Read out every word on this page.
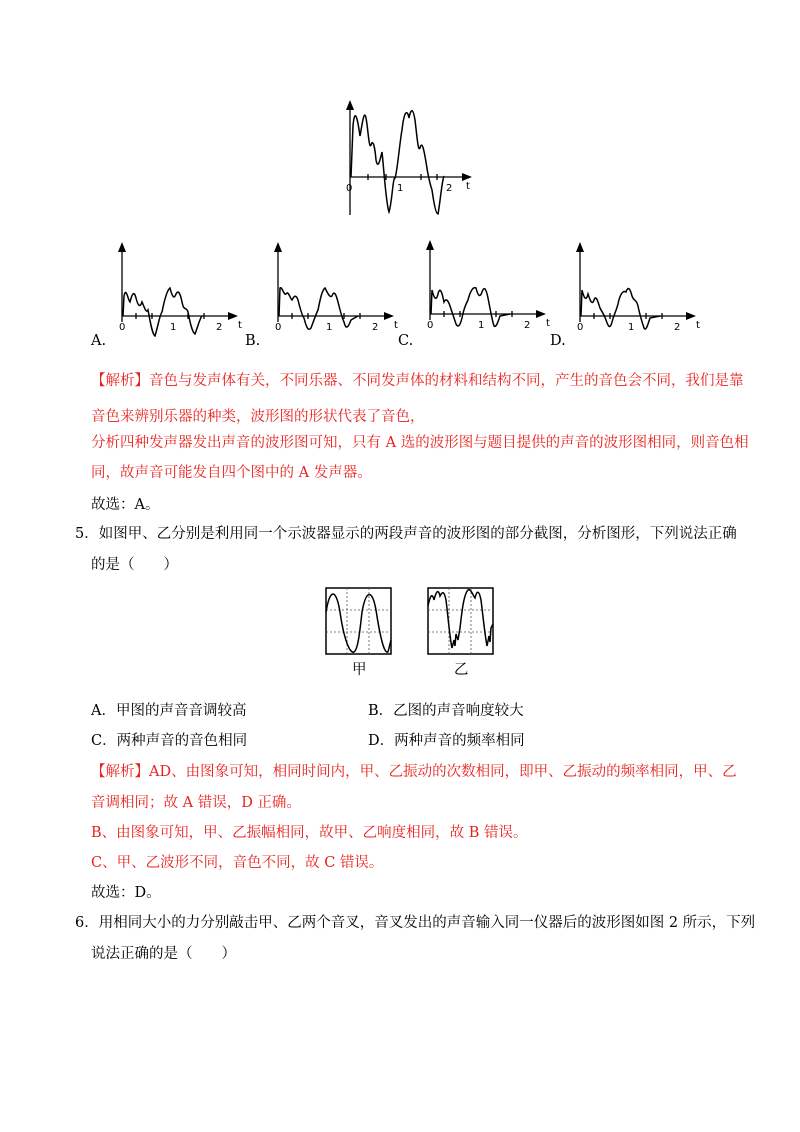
0	1	2 t
0	1	2 t	0	1	2 t	0	1	2 t	0	1	2 t
A.	B.	C.	D.
【解析】音色与发声体有关，不同乐器、不同发声体的材料和结构不同，产生的音色会不同，我们是靠
音色来辨别乐器的种类，波形图的形状代表了音色，
分析四种发声器发出声音的波形图可知，只有 A 选的波形图与题目提供的声音的波形图相同，则音色相
同，故声音可能发自四个图中的 A 发声器。
故选：A。
5．如图甲、乙分别是利用同一个示波器显示的两段声音的波形图的部分截图，分析图形，下列说法正确
的是（　　）
甲	乙
A．甲图的声音音调较高	B．乙图的声音响度较大
C．两种声音的音色相同	D．两种声音的频率相同
【解析】AD、由图象可知，相同时间内，甲、乙振动的次数相同，即甲、乙振动的频率相同，甲、乙
音调相同；故 A 错误，D 正确。
B、由图象可知，甲、乙振幅相同，故甲、乙响度相同，故 B 错误。
C、甲、乙波形不同，音色不同，故 C 错误。
故选：D。
6．用相同大小的力分别敲击甲、乙两个音叉，音叉发出的声音输入同一仪器后的波形图如图 2 所示，下列
说法正确的是（　　）
